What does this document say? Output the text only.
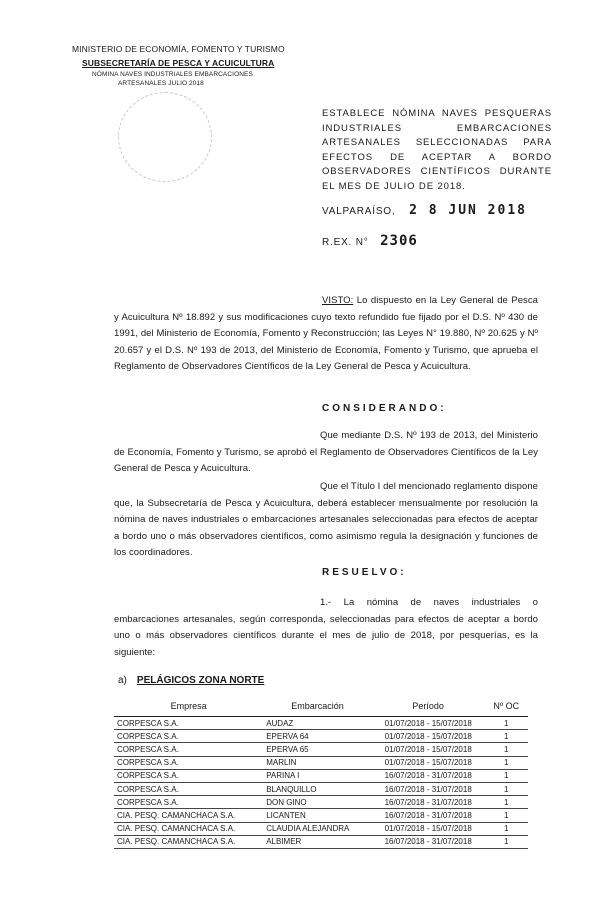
MINISTERIO DE ECONOMÍA, FOMENTO Y TURISMO
SUBSECRETARÍA DE PESCA Y ACUICULTURA
NÓMINA NAVES INDUSTRIALES EMBARCACIONES
ARTESANALES JULIO 2018
ESTABLECE NÓMINA NAVES PESQUERAS INDUSTRIALES EMBARCACIONES ARTESANALES SELECCIONADAS PARA EFECTOS DE ACEPTAR A BORDO OBSERVADORES CIENTÍFICOS DURANTE EL MES DE JULIO DE 2018.
VALPARAÍSO, 2 8 JUN 2018
R.EX. N° 2306
VISTO: Lo dispuesto en la Ley General de Pesca y Acuicultura Nº 18.892 y sus modificaciones cuyo texto refundido fue fijado por el D.S. Nº 430 de 1991, del Ministerio de Economía, Fomento y Reconstrucción; las Leyes N° 19.880, Nº 20.625 y Nº 20.657 y el D.S. Nº 193 de 2013, del Ministerio de Economía, Fomento y Turismo, que aprueba el Reglamento de Observadores Científicos de la Ley General de Pesca y Acuicultura.
CONSIDERANDO:
Que mediante D.S. Nº 193 de 2013, del Ministerio de Economía, Fomento y Turismo, se aprobó el Reglamento de Observadores Científicos de la Ley General de Pesca y Acuicultura.
Que el Título I del mencionado reglamento dispone que, la Subsecretaría de Pesca y Acuicultura, deberá establecer mensualmente por resolución la nómina de naves industriales o embarcaciones artesanales seleccionadas para efectos de aceptar a bordo uno o más observadores científicos, como asimismo regula la designación y funciones de los coordinadores.
RESUELVO:
1.- La nómina de naves industriales o embarcaciones artesanales, según corresponda, seleccionadas para efectos de aceptar a bordo uno o más observadores científicos durante el mes de julio de 2018, por pesquerías, es la siguiente:
a) PELÁGICOS ZONA NORTE
Empresa	Embarcación	Período	Nº OC
CORPESCA S.A.	AUDAZ	01/07/2018 - 15/07/2018	1
CORPESCA S.A.	EPERVA 64	01/07/2018 - 15/07/2018	1
CORPESCA S.A.	EPERVA 65	01/07/2018 - 15/07/2018	1
CORPESCA S.A.	MARLIN	01/07/2018 - 15/07/2018	1
CORPESCA S.A.	PARINA I	16/07/2018 - 31/07/2018	1
CORPESCA S.A.	BLANQUILLO	16/07/2018 - 31/07/2018	1
CORPESCA S.A.	DON GINO	16/07/2018 - 31/07/2018	1
CIA. PESQ. CAMANCHACA S.A.	LICANTEN	16/07/2018 - 31/07/2018	1
CIA. PESQ. CAMANCHACA S.A.	CLAUDIA ALEJANDRA	01/07/2018 - 15/07/2018	1
CIA. PESQ. CAMANCHACA S.A.	ALBIMER	16/07/2018 - 31/07/2018	1
